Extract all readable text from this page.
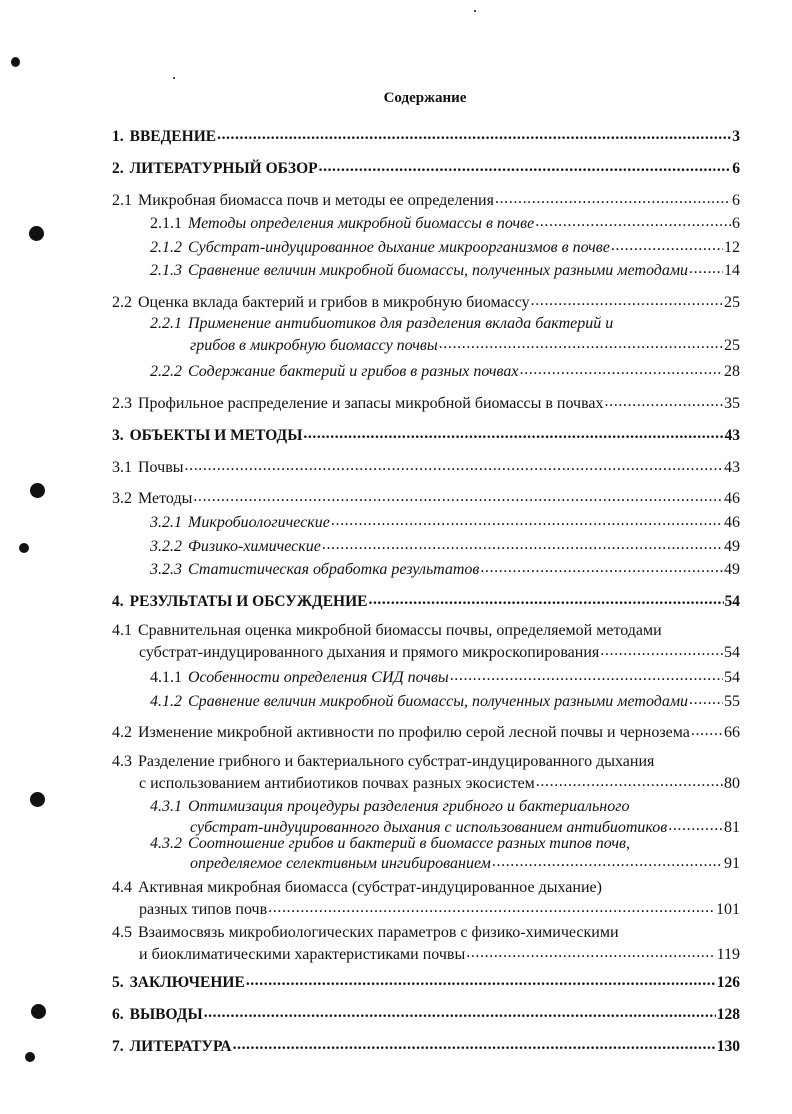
Содержание
1. ВВЕДЕНИЕ .....	3
2. ЛИТЕРАТУРНЫЙ ОБЗОР .....	6
2.1 Микробная биомасса почв и методы ее определения .....	6
2.1.1 Методы определения микробной биомассы в почве .....	6
2.1.2 Субстрат-индуцированное дыхание микроорганизмов в почве .....	12
2.1.3 Сравнение величин микробной биомассы, полученных разными методами ..... 14
2.2 Оценка вклада бактерий и грибов в микробную биомассу .....	25
2.2.1 Применение антибиотиков для разделения вклада бактерий и
грибов в микробную биомассу почвы .....	25
2.2.2 Содержание бактерий и грибов в разных почвах .....	28
2.3 Профильное распределение и запасы микробной биомассы в почвах .....	35
3. ОБЪЕКТЫ И МЕТОДЫ .....	43
3.1 Почвы .....	43
3.2 Методы .....	46
3.2.1 Микробиологические .....	46
3.2.2 Физико-химические .....	49
3.2.3 Статистическая обработка результатов .....	49
4. РЕЗУЛЬТАТЫ И ОБСУЖДЕНИЕ .....	54
4.1 Сравнительная оценка микробной биомассы почвы, определяемой методами
субстрат-индуцированного дыхания и прямого микроскопирования .....	54
4.1.1 Особенности определения СИД почвы .....	54
4.1.2 Сравнение величин микробной биомассы, полученных разными методами ..... 55
4.2 Изменение микробной активности по профилю серой лесной почвы и чернозема ..... 66
4.3 Разделение грибного и бактериального субстрат-индуцированного дыхания
с использованием антибиотиков почвах разных экосистем .....	80
4.3.1 Оптимизация процедуры разделения грибного и бактериального
субстрат-индуцированного дыхания с использованием антибиотиков .....	81
4.3.2 Соотношение грибов и бактерий в биомассе разных типов почв,
определяемое селективным ингибированием .....	91
4.4 Активная микробная биомасса (субстрат-индуцированное дыхание)
разных типов почв .....	101
4.5 Взаимосвязь микробиологических параметров с физико-химическими
и биоклиматическими характеристиками почвы .....	119
5. ЗАКЛЮЧЕНИЕ .....	126
6. ВЫВОДЫ .....	128
7. ЛИТЕРАТУРА .....	130
